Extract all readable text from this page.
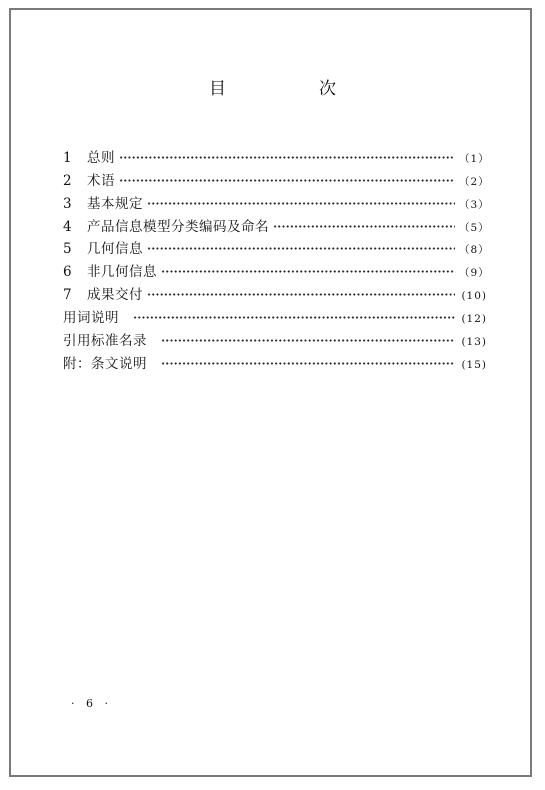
目　次
1	总则	（1）
2	术语	（2）
3	基本规定	（3）
4	产品信息模型分类编码及命名	（5）
5	几何信息	（8）
6	非几何信息	（9）
7	成果交付	(10)
用词说明	(12)
引用标准名录	(13)
附：条文说明	(15)
· 6 ·
